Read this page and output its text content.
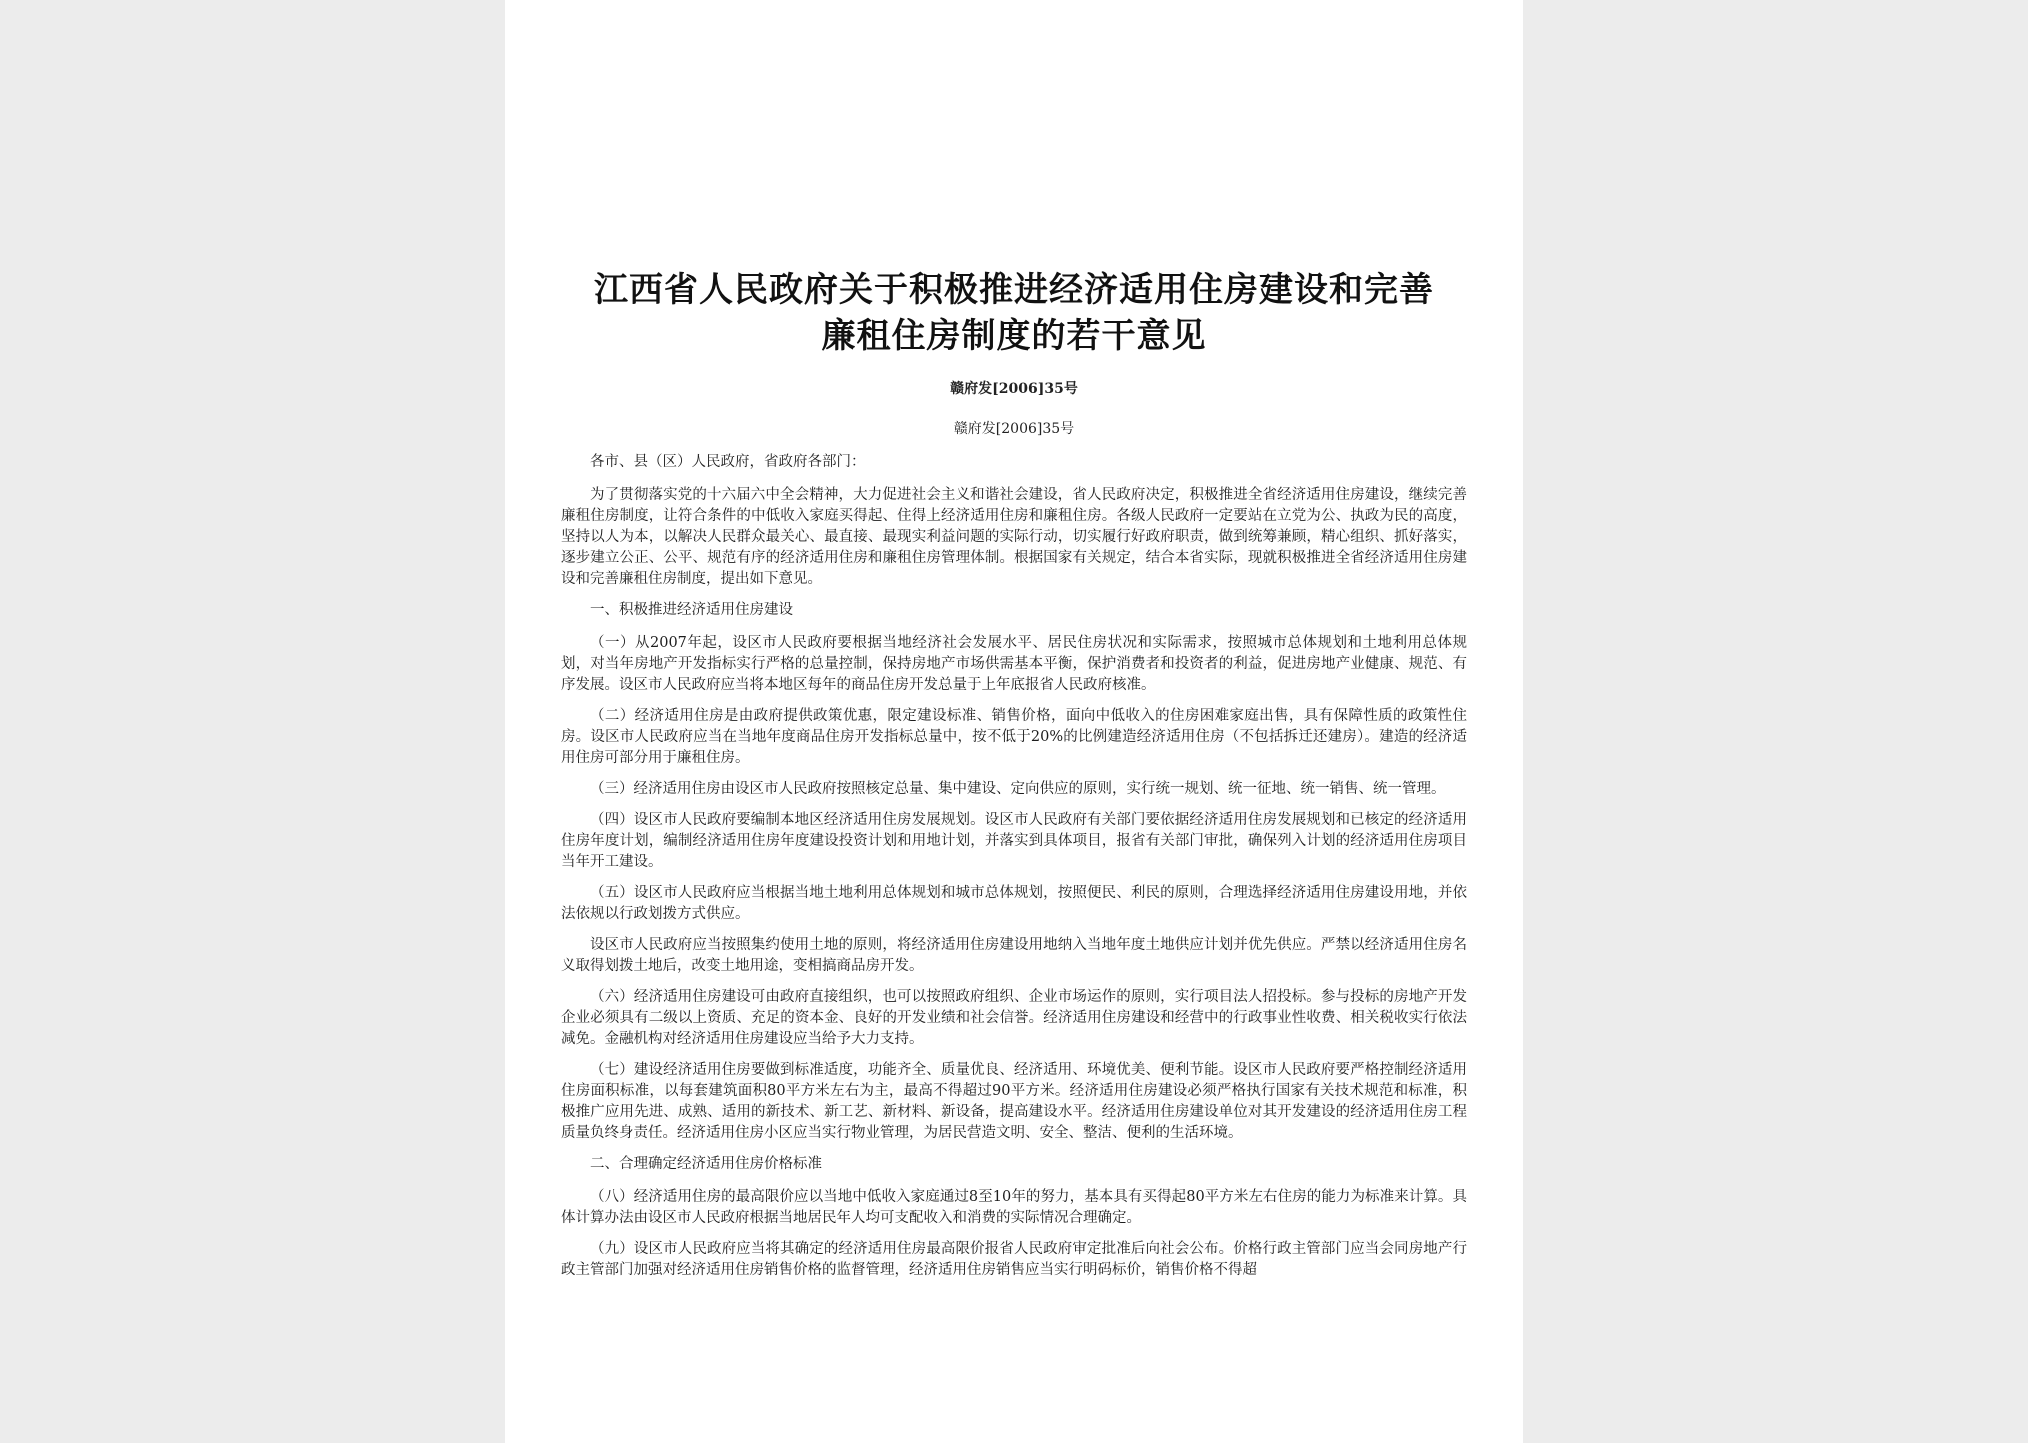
江西省人民政府关于积极推进经济适用住房建设和完善
廉租住房制度的若干意见
赣府发[2006]35号
赣府发[2006]35号

各市、县（区）人民政府，省政府各部门：

为了贯彻落实党的十六届六中全会精神，大力促进社会主义和谐社会建设，省人民政府决定，积极推进全省经济适用住房建设，继续完善廉租住房制度，让符合条件的中低收入家庭买得起、住得上经济适用住房和廉租住房。各级人民政府一定要站在立党为公、执政为民的高度，坚持以人为本，以解决人民群众最关心、最直接、最现实利益问题的实际行动，切实履行好政府职责，做到统筹兼顾，精心组织、抓好落实，逐步建立公正、公平、规范有序的经济适用住房和廉租住房管理体制。根据国家有关规定，结合本省实际，现就积极推进全省经济适用住房建设和完善廉租住房制度，提出如下意见。

一、积极推进经济适用住房建设

（一）从2007年起，设区市人民政府要根据当地经济社会发展水平、居民住房状况和实际需求，按照城市总体规划和土地利用总体规划，对当年房地产开发指标实行严格的总量控制，保持房地产市场供需基本平衡，保护消费者和投资者的利益，促进房地产业健康、规范、有序发展。设区市人民政府应当将本地区每年的商品住房开发总量于上年底报省人民政府核准。

（二）经济适用住房是由政府提供政策优惠，限定建设标准、销售价格，面向中低收入的住房困难家庭出售，具有保障性质的政策性住房。设区市人民政府应当在当地年度商品住房开发指标总量中，按不低于20%的比例建造经济适用住房（不包括拆迁还建房）。建造的经济适用住房可部分用于廉租住房。

（三）经济适用住房由设区市人民政府按照核定总量、集中建设、定向供应的原则，实行统一规划、统一征地、统一销售、统一管理。

（四）设区市人民政府要编制本地区经济适用住房发展规划。设区市人民政府有关部门要依据经济适用住房发展规划和已核定的经济适用住房年度计划，编制经济适用住房年度建设投资计划和用地计划，并落实到具体项目，报省有关部门审批，确保列入计划的经济适用住房项目当年开工建设。

（五）设区市人民政府应当根据当地土地利用总体规划和城市总体规划，按照便民、利民的原则，合理选择经济适用住房建设用地，并依法依规以行政划拨方式供应。

设区市人民政府应当按照集约使用土地的原则，将经济适用住房建设用地纳入当地年度土地供应计划并优先供应。严禁以经济适用住房名义取得划拨土地后，改变土地用途，变相搞商品房开发。

（六）经济适用住房建设可由政府直接组织，也可以按照政府组织、企业市场运作的原则，实行项目法人招投标。参与投标的房地产开发企业必须具有二级以上资质、充足的资本金、良好的开发业绩和社会信誉。经济适用住房建设和经营中的行政事业性收费、相关税收实行依法减免。金融机构对经济适用住房建设应当给予大力支持。

（七）建设经济适用住房要做到标准适度，功能齐全、质量优良、经济适用、环境优美、便利节能。设区市人民政府要严格控制经济适用住房面积标准，以每套建筑面积80平方米左右为主，最高不得超过90平方米。经济适用住房建设必须严格执行国家有关技术规范和标准，积极推广应用先进、成熟、适用的新技术、新工艺、新材料、新设备，提高建设水平。经济适用住房建设单位对其开发建设的经济适用住房工程质量负终身责任。经济适用住房小区应当实行物业管理，为居民营造文明、安全、整洁、便利的生活环境。

二、合理确定经济适用住房价格标准

（八）经济适用住房的最高限价应以当地中低收入家庭通过8至10年的努力，基本具有买得起80平方米左右住房的能力为标准来计算。具体计算办法由设区市人民政府根据当地居民年人均可支配收入和消费的实际情况合理确定。

（九）设区市人民政府应当将其确定的经济适用住房最高限价报省人民政府审定批准后向社会公布。价格行政主管部门应当会同房地产行政主管部门加强对经济适用住房销售价格的监督管理，经济适用住房销售应当实行明码标价，销售价格不得超
